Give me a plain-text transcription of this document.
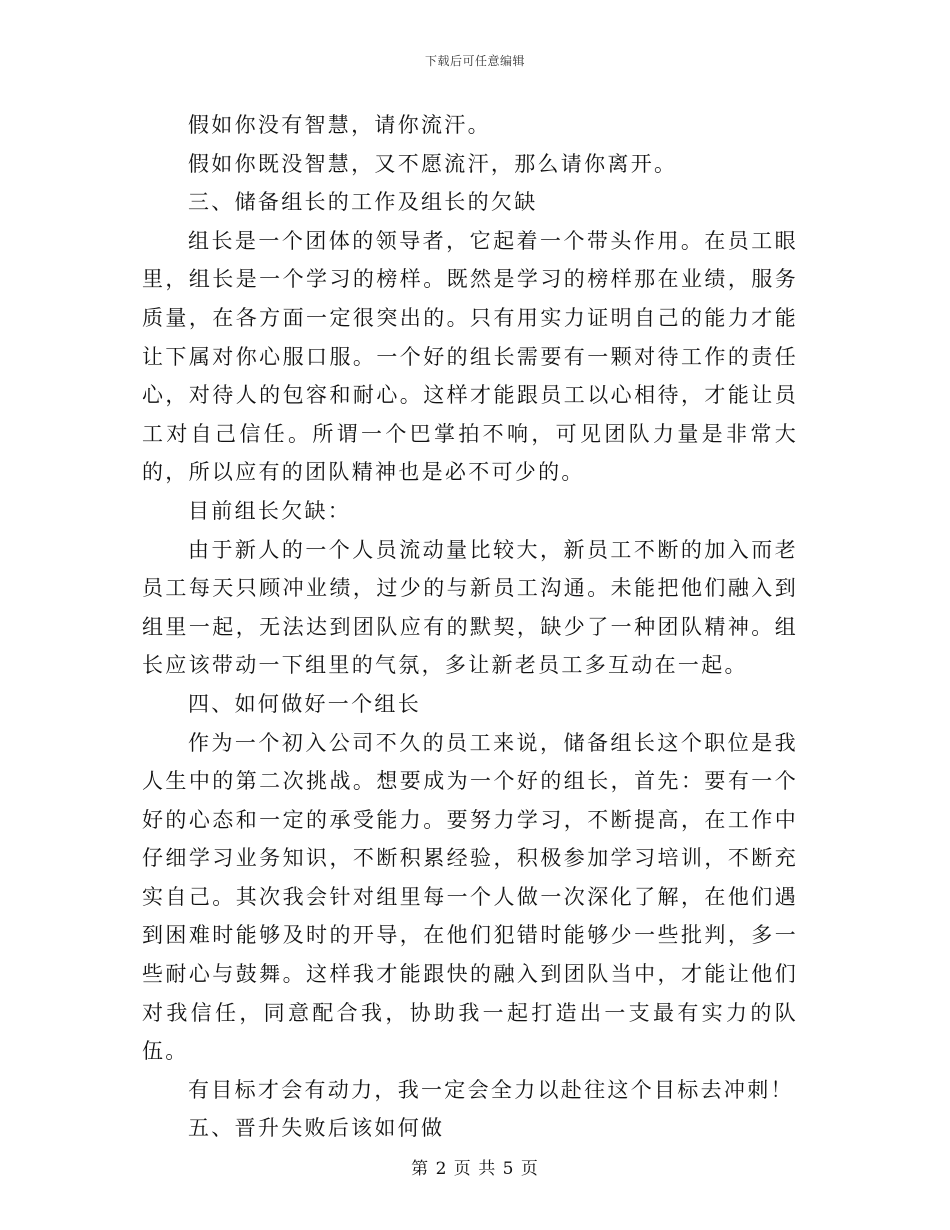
下载后可任意编辑

假如你没有智慧，请你流汗。

假如你既没智慧，又不愿流汗，那么请你离开。

三、储备组长的工作及组长的欠缺

组长是一个团体的领导者，它起着一个带头作用。在员工眼里，组长是一个学习的榜样。既然是学习的榜样那在业绩，服务质量，在各方面一定很突出的。只有用实力证明自己的能力才能让下属对你心服口服。一个好的组长需要有一颗对待工作的责任心，对待人的包容和耐心。这样才能跟员工以心相待，才能让员工对自己信任。所谓一个巴掌拍不响，可见团队力量是非常大的，所以应有的团队精神也是必不可少的。

目前组长欠缺：

由于新人的一个人员流动量比较大，新员工不断的加入而老员工每天只顾冲业绩，过少的与新员工沟通。未能把他们融入到组里一起，无法达到团队应有的默契，缺少了一种团队精神。组长应该带动一下组里的气氛，多让新老员工多互动在一起。

四、如何做好一个组长

作为一个初入公司不久的员工来说，储备组长这个职位是我人生中的第二次挑战。想要成为一个好的组长，首先：要有一个好的心态和一定的承受能力。要努力学习，不断提高，在工作中仔细学习业务知识，不断积累经验，积极参加学习培训，不断充实自己。其次我会针对组里每一个人做一次深化了解，在他们遇到困难时能够及时的开导，在他们犯错时能够少一些批判，多一些耐心与鼓舞。这样我才能跟快的融入到团队当中，才能让他们对我信任，同意配合我，协助我一起打造出一支最有实力的队伍。

有目标才会有动力，我一定会全力以赴往这个目标去冲刺！

五、晋升失败后该如何做

第 2 页 共 5 页
